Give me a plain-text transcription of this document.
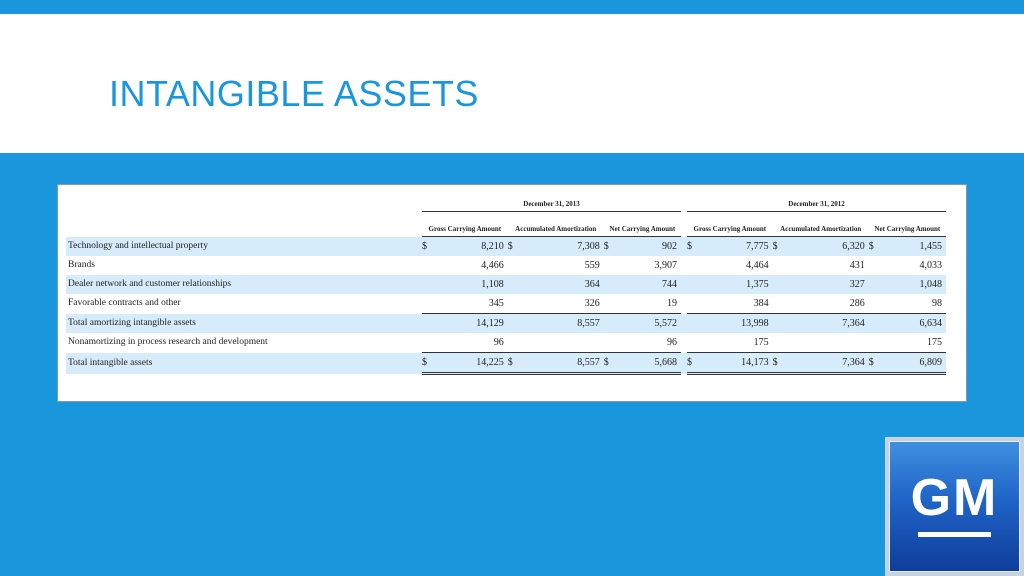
INTANGIBLE ASSETS
	December 31, 2013							December 31, 2012					
	Gross Carrying Amount		Accumulated Amortization		Net Carrying Amount			Gross Carrying Amount		Accumulated Amortization		Net Carrying Amount	
Technology and intellectual property	$	8,210	$	7,308	$	902		$	7,775	$	6,320	$	1,455
Brands		4,466		559		3,907			4,464		431		4,033
Dealer network and customer relationships		1,108		364		744			1,375		327		1,048
Favorable contracts and other		345		326		19			384		286		98
Total amortizing intangible assets		14,129		8,557		5,572			13,998		7,364		6,634
Nonamortizing in process research and development		96				96			175				175
Total intangible assets	$	14,225	$	8,557	$	5,668		$	14,173	$	7,364	$	6,809
GM
